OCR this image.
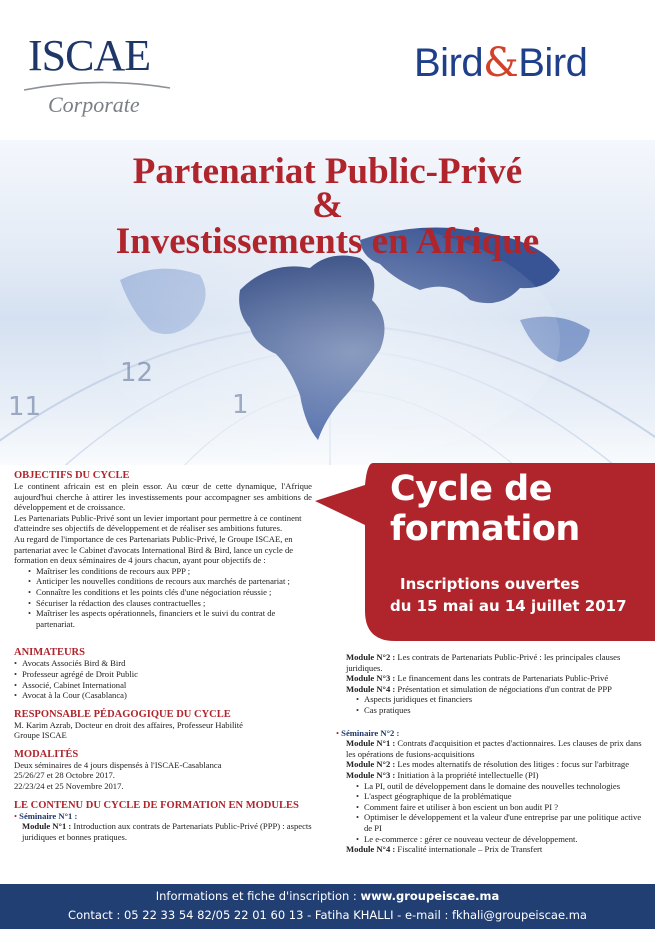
ISCAE
Corporate
Bird&Bird
12
11	1
Partenariat Public-Privé
&
Investissements en Afrique
Cycle de
formation
Inscriptions ouvertes
du 15 mai au 14 juillet 2017
OBJECTIFS DU CYCLE
Le continent africain est en plein essor. Au cœur de cette dynamique, l'Afrique aujourd'hui cherche à attirer les investissements pour accompagner ses ambitions de développement et de croissance.
Les Partenariats Public-Privé sont un levier important pour permettre à ce continent d'atteindre ses objectifs de développement et de réaliser ses ambitions futures.
Au regard de l'importance de ces Partenariats Public-Privé, le Groupe ISCAE, en partenariat avec le Cabinet d'avocats International Bird & Bird, lance un cycle de formation en deux séminaires de 4 jours chacun, ayant pour objectifs de :
• Maîtriser les conditions de recours aux PPP ;
• Anticiper les nouvelles conditions de recours aux marchés de partenariat ;
• Connaître les conditions et les points clés d'une négociation réussie ;
• Sécuriser la rédaction des clauses contractuelles ;
• Maîtriser les aspects opérationnels, financiers et le suivi du contrat de partenariat.
ANIMATEURS
• Avocats Associés Bird & Bird
• Professeur agrégé de Droit Public
• Associé, Cabinet International
• Avocat à la Cour (Casablanca)
RESPONSABLE PÉDAGOGIQUE DU CYCLE
M. Karim Azrab, Docteur en droit des affaires, Professeur Habilité
Groupe ISCAE
MODALITÉS
Deux séminaires de 4 jours dispensés à l'ISCAE-Casablanca
25/26/27 et 28 Octobre 2017.
22/23/24 et 25 Novembre 2017.
LE CONTENU DU CYCLE DE FORMATION EN MODULES
• Séminaire N°1 :
Module N°1 : Introduction aux contrats de Partenariats Public-Privé (PPP) : aspects juridiques et bonnes pratiques.
Module N°2 : Les contrats de Partenariats Public-Privé : les principales clauses juridiques.
Module N°3 : Le financement dans les contrats de Partenariats Public-Privé
Module N°4 : Présentation et simulation de négociations d'un contrat de PPP
• Aspects juridiques et financiers
• Cas pratiques
• Séminaire N°2 :
Module N°1 : Contrats d'acquisition et pactes d'actionnaires. Les clauses de prix dans les opérations de fusions-acquisitions
Module N°2 : Les modes alternatifs de résolution des litiges : focus sur l'arbitrage
Module N°3 : Initiation à la propriété intellectuelle (PI)
• La PI, outil de développement dans le domaine des nouvelles technologies
• L'aspect géographique de la problématique
• Comment faire et utiliser à bon escient un bon audit PI ?
• Optimiser le développement et la valeur d'une entreprise par une politique active de PI
• Le e-commerce : gérer ce nouveau vecteur de développement.
Module N°4 : Fiscalité internationale – Prix de Transfert
Informations et fiche d'inscription : www.groupeiscae.ma
Contact : 05 22 33 54 82/05 22 01 60 13 - Fatiha KHALLI - e-mail : fkhali@groupeiscae.ma
